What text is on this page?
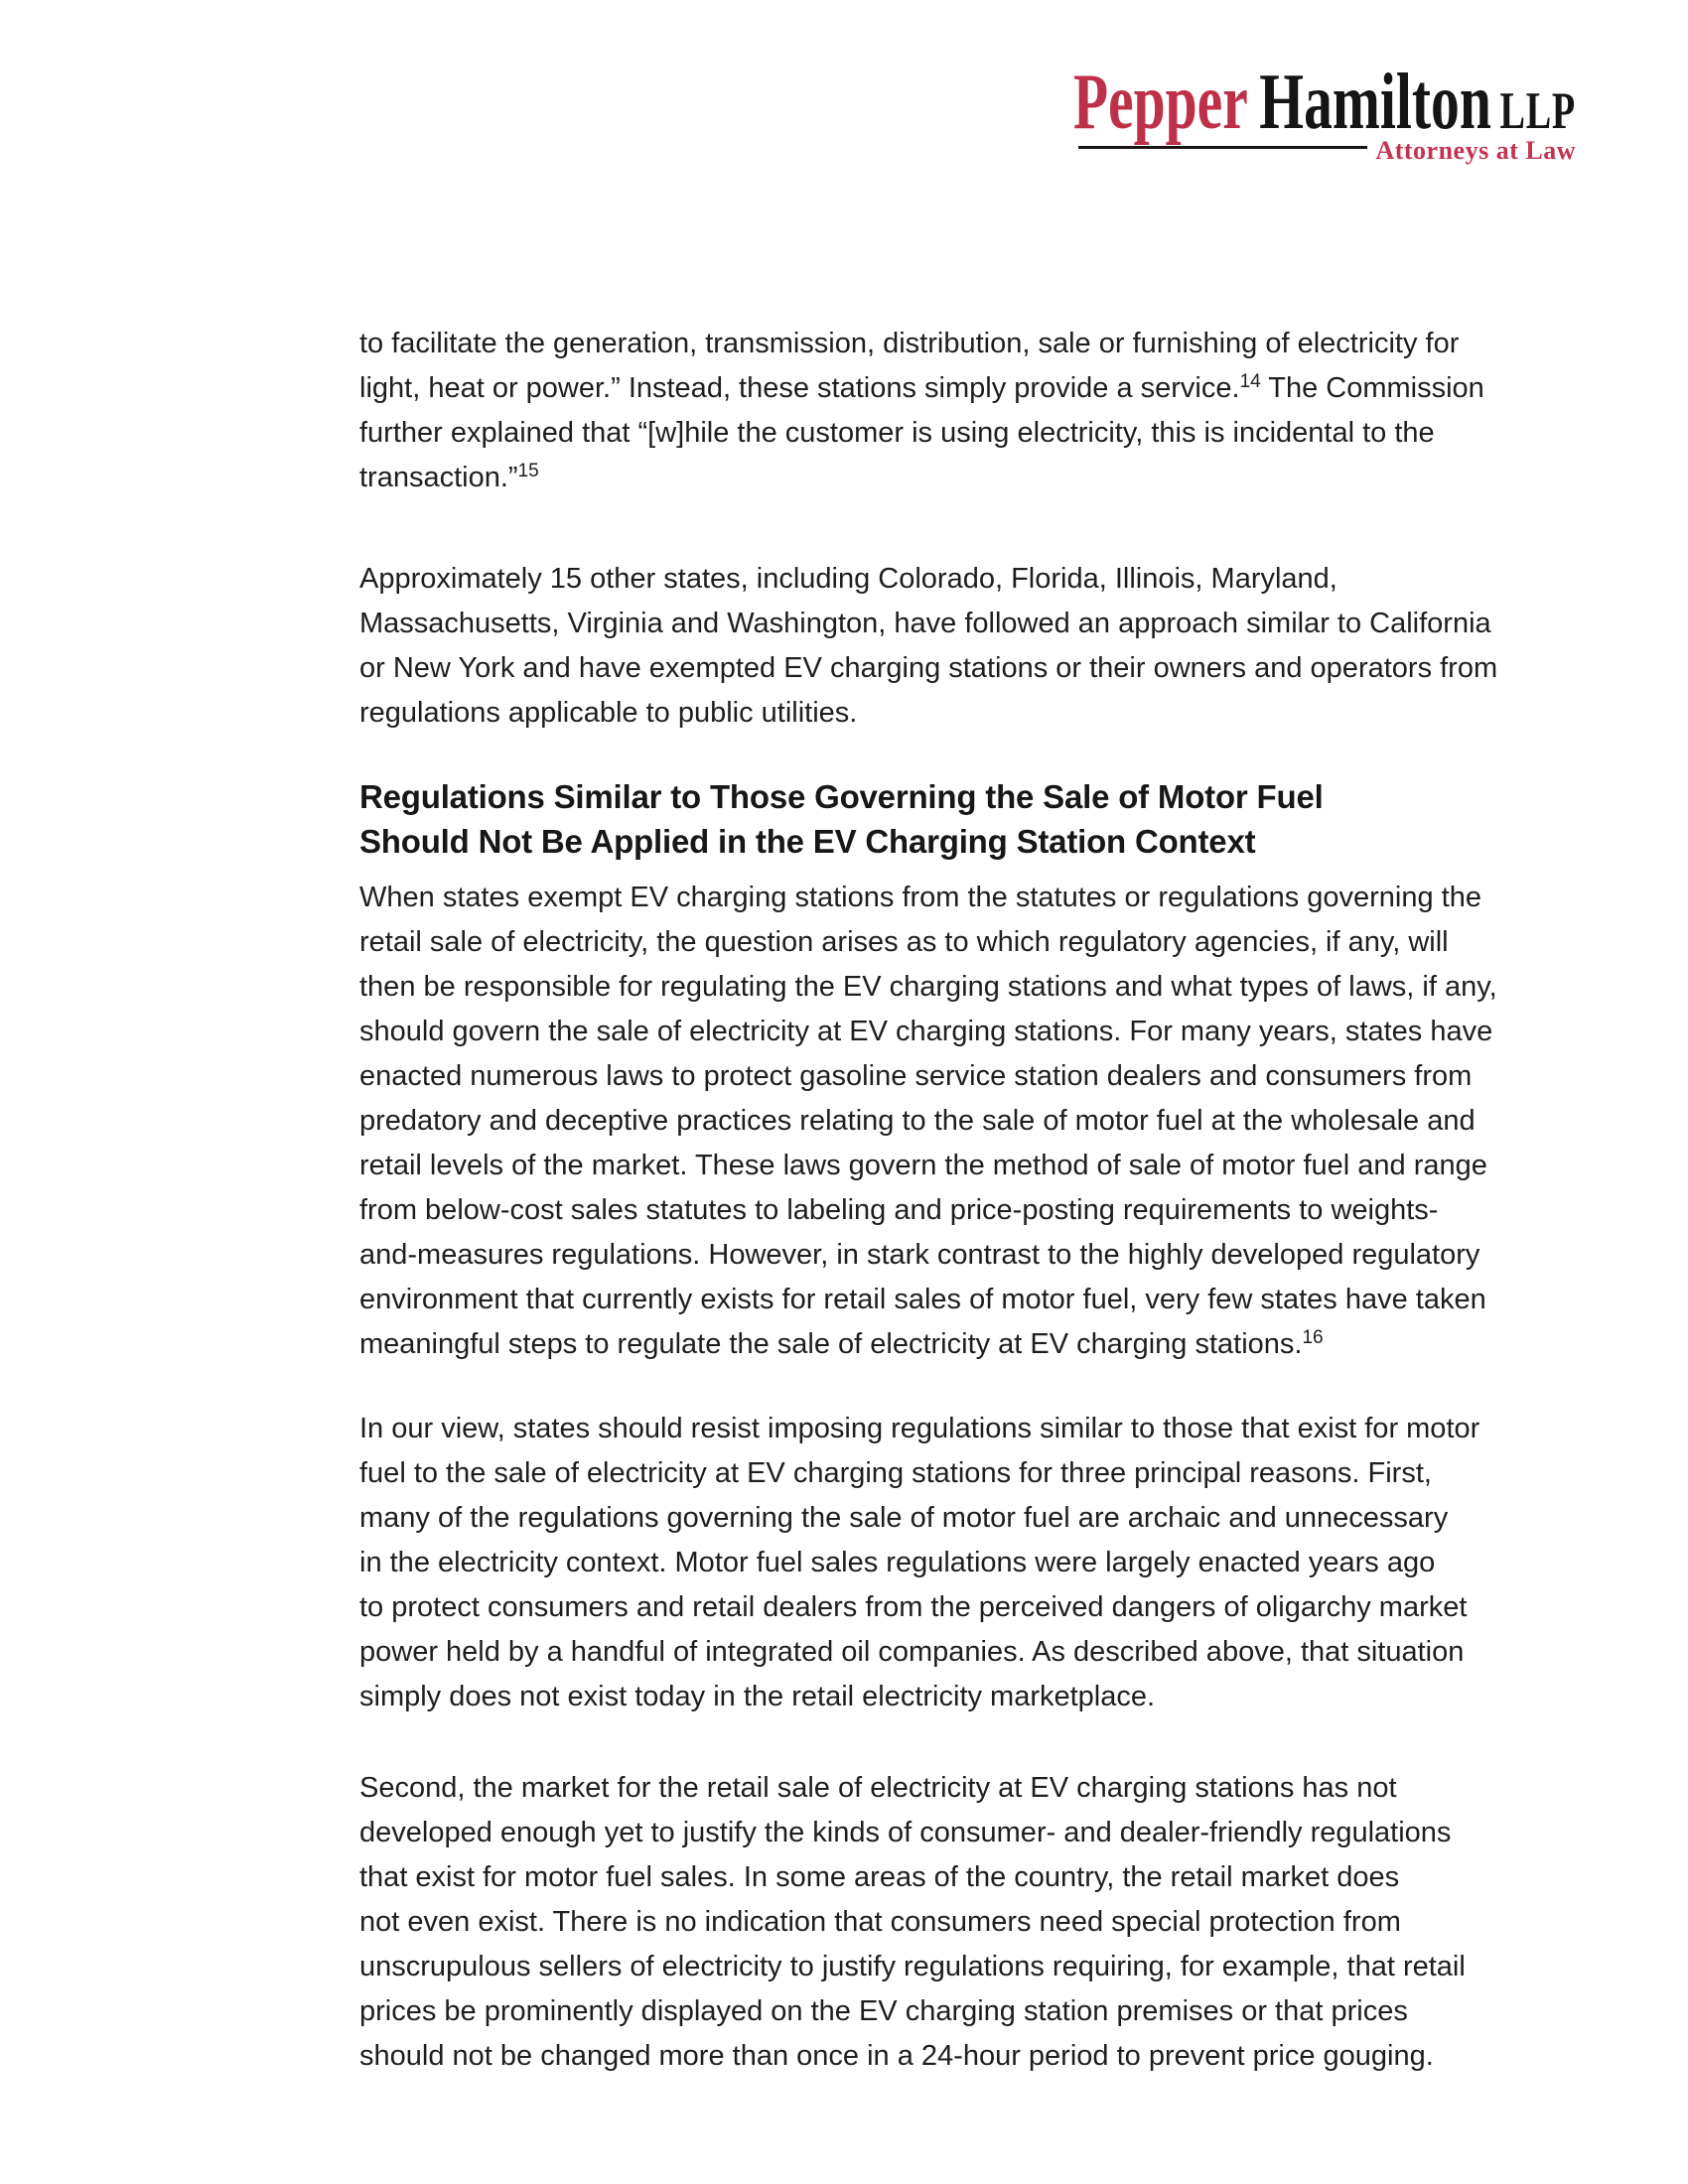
Pepper Hamilton LLP
Attorneys at Law
to facilitate the generation, transmission, distribution, sale or furnishing of electricity for
light, heat or power.” Instead, these stations simply provide a service.$^{14}$ The Commission
further explained that “[w]hile the customer is using electricity, this is incidental to the
transaction.”$^{15}$
Approximately 15 other states, including Colorado, Florida, Illinois, Maryland,
Massachusetts, Virginia and Washington, have followed an approach similar to California
or New York and have exempted EV charging stations or their owners and operators from
regulations applicable to public utilities.
Regulations Similar to Those Governing the Sale of Motor Fuel
Should Not Be Applied in the EV Charging Station Context
When states exempt EV charging stations from the statutes or regulations governing the
retail sale of electricity, the question arises as to which regulatory agencies, if any, will
then be responsible for regulating the EV charging stations and what types of laws, if any,
should govern the sale of electricity at EV charging stations. For many years, states have
enacted numerous laws to protect gasoline service station dealers and consumers from
predatory and deceptive practices relating to the sale of motor fuel at the wholesale and
retail levels of the market. These laws govern the method of sale of motor fuel and range
from below-cost sales statutes to labeling and price-posting requirements to weights-
and-measures regulations. However, in stark contrast to the highly developed regulatory
environment that currently exists for retail sales of motor fuel, very few states have taken
meaningful steps to regulate the sale of electricity at EV charging stations.$^{16}$
In our view, states should resist imposing regulations similar to those that exist for motor
fuel to the sale of electricity at EV charging stations for three principal reasons. First,
many of the regulations governing the sale of motor fuel are archaic and unnecessary
in the electricity context. Motor fuel sales regulations were largely enacted years ago
to protect consumers and retail dealers from the perceived dangers of oligarchy market
power held by a handful of integrated oil companies. As described above, that situation
simply does not exist today in the retail electricity marketplace.
Second, the market for the retail sale of electricity at EV charging stations has not
developed enough yet to justify the kinds of consumer- and dealer-friendly regulations
that exist for motor fuel sales. In some areas of the country, the retail market does
not even exist. There is no indication that consumers need special protection from
unscrupulous sellers of electricity to justify regulations requiring, for example, that retail
prices be prominently displayed on the EV charging station premises or that prices
should not be changed more than once in a 24-hour period to prevent price gouging.
